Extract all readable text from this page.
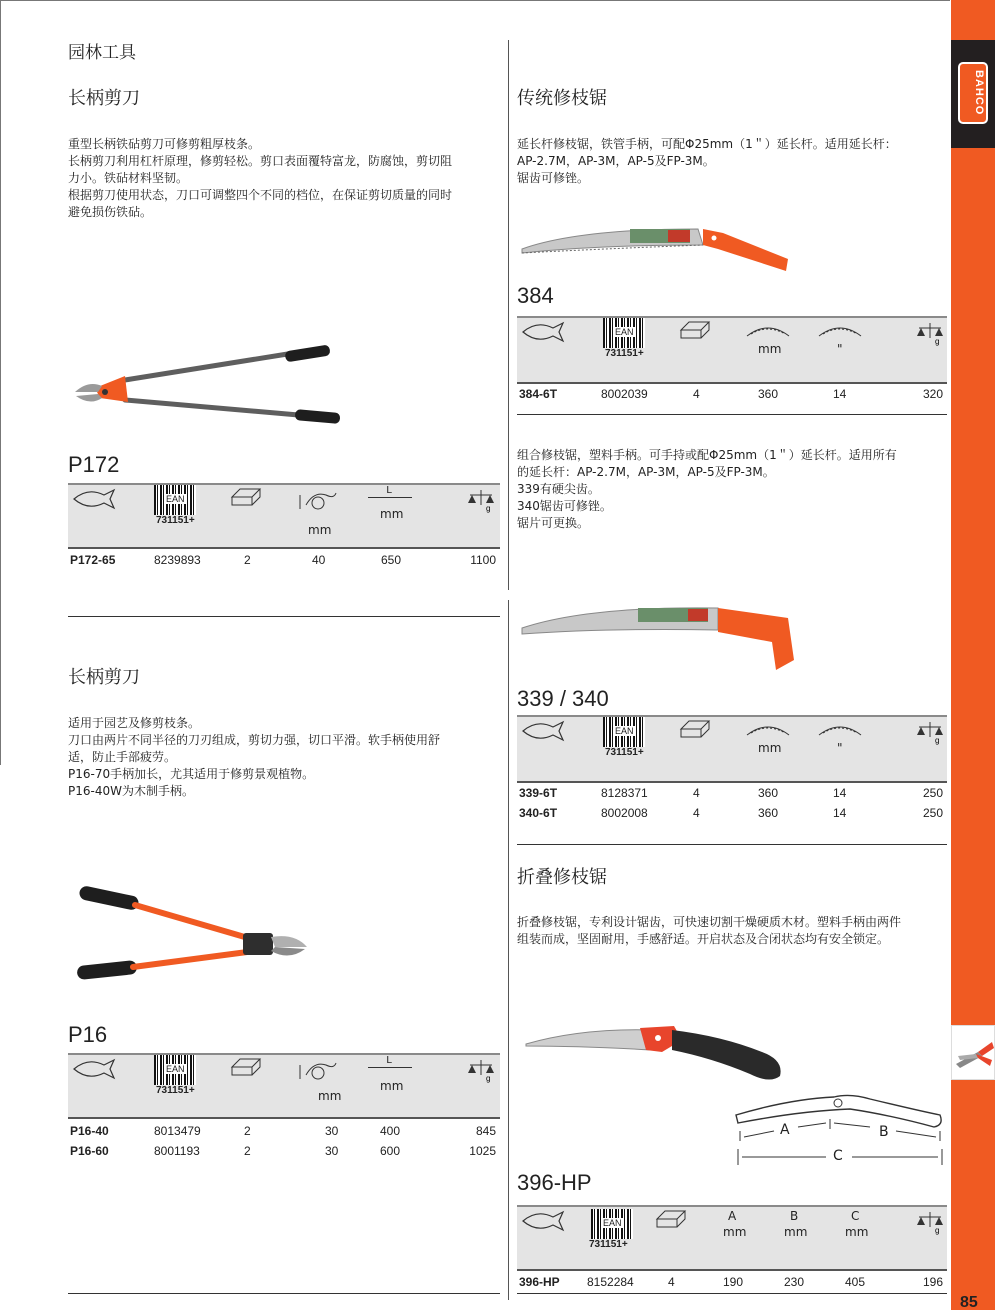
BAHCO
85
园林工具
长柄剪刀

重型长柄铁砧剪刀可修剪粗厚枝条。

长柄剪刀利用杠杆原理，修剪轻松。剪口表面覆特富龙，防腐蚀，剪切阻

力小。铁砧材料坚韧。

根据剪刀使用状态，刀口可调整四个不同的档位，在保证剪切质量的同时

避免损伤铁砧。

P172
EAN
731151+
mm
L
mm	g
P172-65	8239893	2	40	650	1100
长柄剪刀

适用于园艺及修剪枝条。

刀口由两片不同半径的刀刃组成，剪切力强，切口平滑。软手柄使用舒

适，防止手部疲劳。

P16-70手柄加长，尤其适用于修剪景观植物。

P16-40W为木制手柄。

P16
EAN
731151+	mm
L
mm
g
P16-40	8013479	2	30	400	845
P16-60	8001193	2	30	600	1025
传统修枝锯

延长杆修枝锯，铁管手柄，可配Φ25mm（1＂）延长杆。适用延长杆：

AP-2.7M，AP-3M，AP-5及FP-3M。

锯齿可修锉。

384
EAN
731151+	mm	"
g
384-6T	8002039	4	360	14	320

组合修枝锯，塑料手柄。可手持或配Φ25mm（1＂）延长杆。适用所有

的延长杆：AP-2.7M，AP-3M，AP-5及FP-3M。

339有硬尖齿。

340锯齿可修锉。

锯片可更换。

339 / 340
EAN
731151+	mm	"
g
339-6T	8128371	4	360	14	250
340-6T	8002008	4	360	14	250
折叠修枝锯

折叠修枝锯，专利设计锯齿，可快速切割干燥硬质木材。塑料手柄由两件

组装而成，坚固耐用，手感舒适。开启状态及合闭状态均有安全锁定。

A	B
C
396-HP
EAN
731151+
A
mm
B
mm
C
mm	g
396-HP 8152284	4	190	230	405	196
